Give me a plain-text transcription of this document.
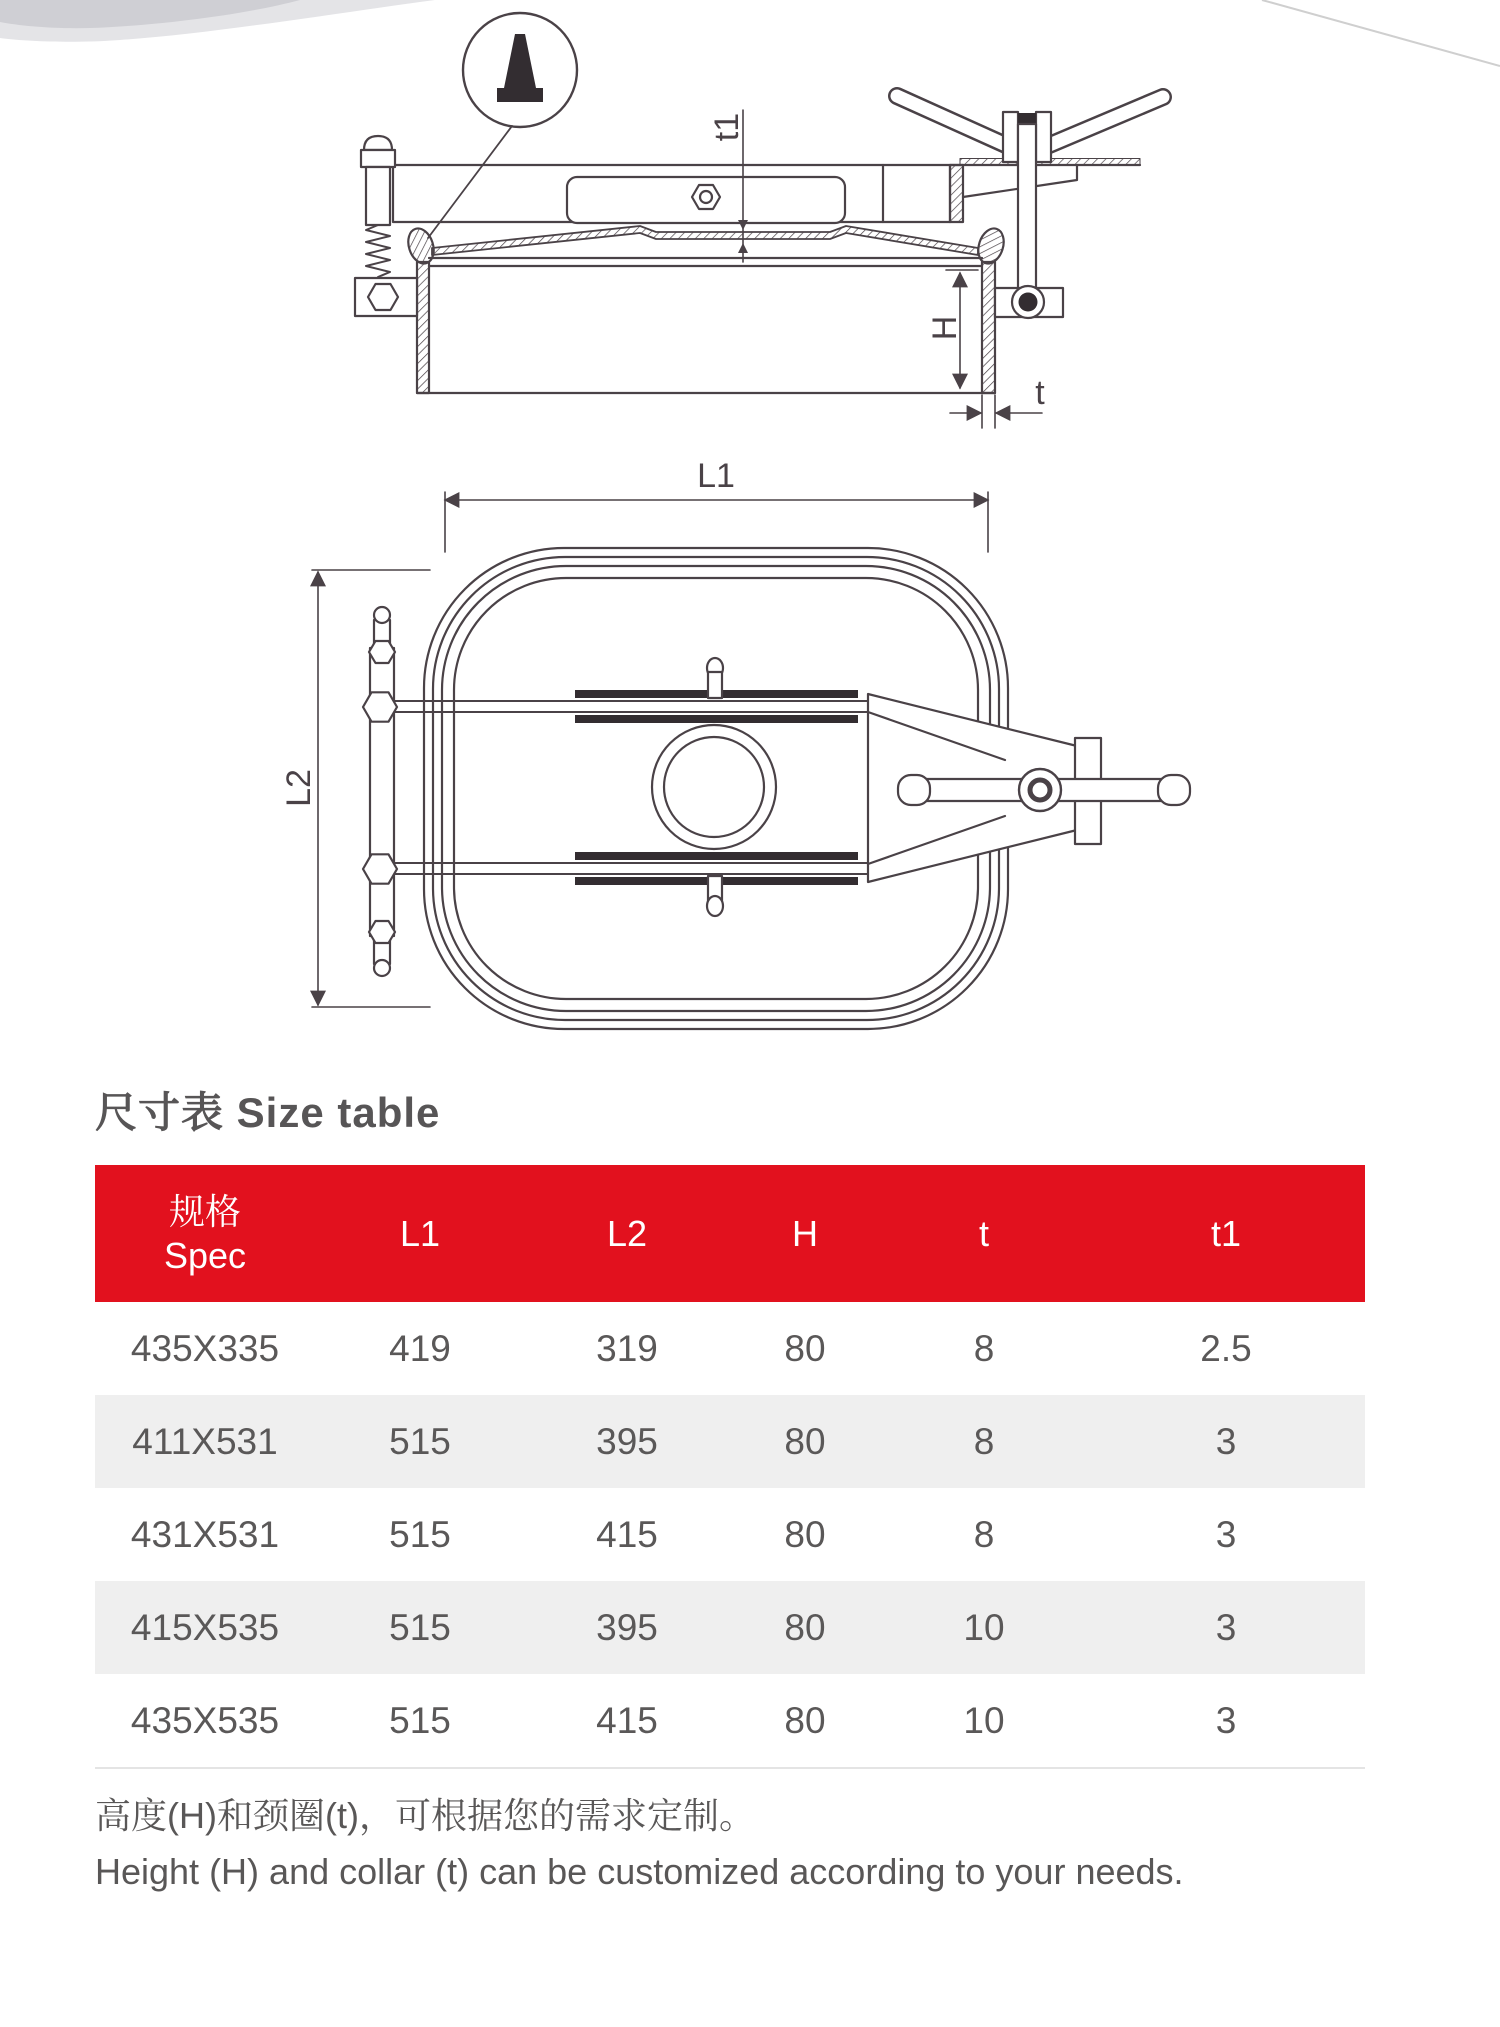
t1
H
t
L1
L2
尺寸表 Size table
规格
Spec
L1	L2	H	t	t1
435X335	419	319	80	8	2.5
411X531	515	395	80	8	3
431X531	515	415	80	8	3
415X535	515	395	80	10	3
435X535	515	415	80	10	3
高度(H)和颈圈(t)，可根据您的需求定制。
Height (H) and collar (t) can be customized according to your needs.
